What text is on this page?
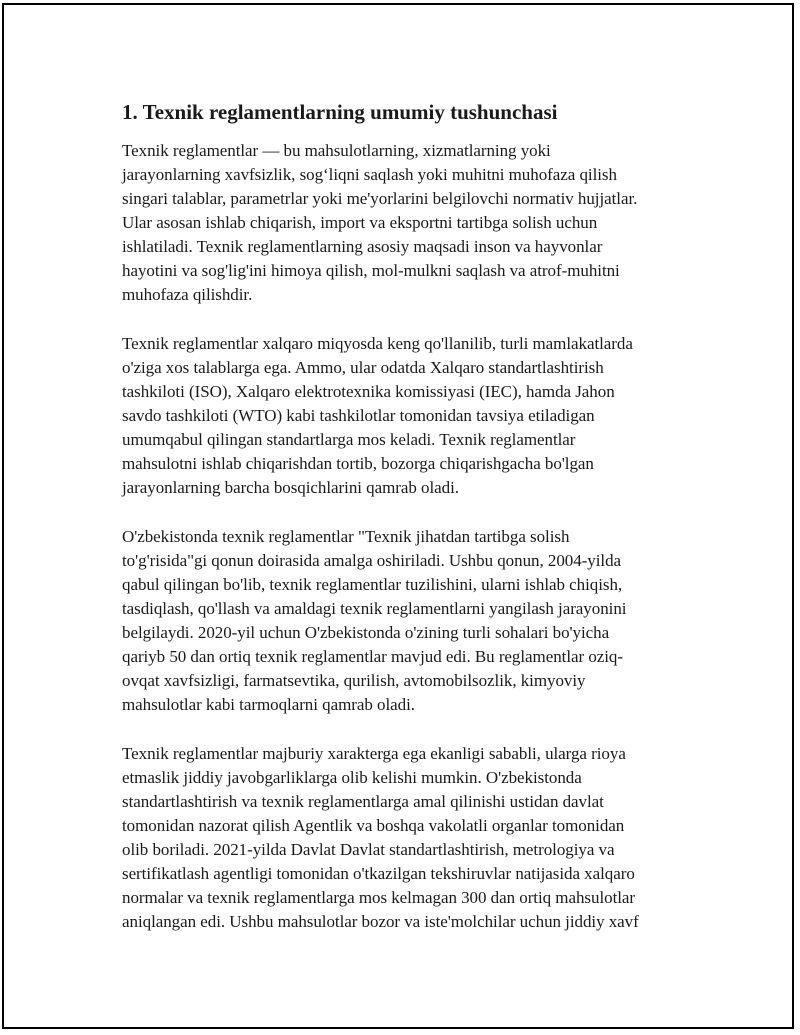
1. Texnik reglamentlarning umumiy tushunchasi

Texnik reglamentlar — bu mahsulotlarning, xizmatlarning yoki
jarayonlarning xavfsizlik, sogʻliqni saqlash yoki muhitni muhofaza qilish
singari talablar, parametrlar yoki me'yorlarini belgilovchi normativ hujjatlar.
Ular asosan ishlab chiqarish, import va eksportni tartibga solish uchun
ishlatiladi. Texnik reglamentlarning asosiy maqsadi inson va hayvonlar
hayotini va sog'lig'ini himoya qilish, mol-mulkni saqlash va atrof-muhitni
muhofaza qilishdir.

Texnik reglamentlar xalqaro miqyosda keng qo'llanilib, turli mamlakatlarda
o'ziga xos talablarga ega. Ammo, ular odatda Xalqaro standartlashtirish
tashkiloti (ISO), Xalqaro elektrotexnika komissiyasi (IEC), hamda Jahon
savdo tashkiloti (WTO) kabi tashkilotlar tomonidan tavsiya etiladigan
umumqabul qilingan standartlarga mos keladi. Texnik reglamentlar
mahsulotni ishlab chiqarishdan tortib, bozorga chiqarishgacha bo'lgan
jarayonlarning barcha bosqichlarini qamrab oladi.

O'zbekistonda texnik reglamentlar "Texnik jihatdan tartibga solish
to'g'risida"gi qonun doirasida amalga oshiriladi. Ushbu qonun, 2004-yilda
qabul qilingan bo'lib, texnik reglamentlar tuzilishini, ularni ishlab chiqish,
tasdiqlash, qo'llash va amaldagi texnik reglamentlarni yangilash jarayonini
belgilaydi. 2020-yil uchun O'zbekistonda o'zining turli sohalari bo'yicha
qariyb 50 dan ortiq texnik reglamentlar mavjud edi. Bu reglamentlar oziq-
ovqat xavfsizligi, farmatsevtika, qurilish, avtomobilsozlik, kimyoviy
mahsulotlar kabi tarmoqlarni qamrab oladi.

Texnik reglamentlar majburiy xarakterga ega ekanligi sababli, ularga rioya
etmaslik jiddiy javobgarliklarga olib kelishi mumkin. O'zbekistonda
standartlashtirish va texnik reglamentlarga amal qilinishi ustidan davlat
tomonidan nazorat qilish Agentlik va boshqa vakolatli organlar tomonidan
olib boriladi. 2021-yilda Davlat Davlat standartlashtirish, metrologiya va
sertifikatlash agentligi tomonidan o'tkazilgan tekshiruvlar natijasida xalqaro
normalar va texnik reglamentlarga mos kelmagan 300 dan ortiq mahsulotlar
aniqlangan edi. Ushbu mahsulotlar bozor va iste'molchilar uchun jiddiy xavf
